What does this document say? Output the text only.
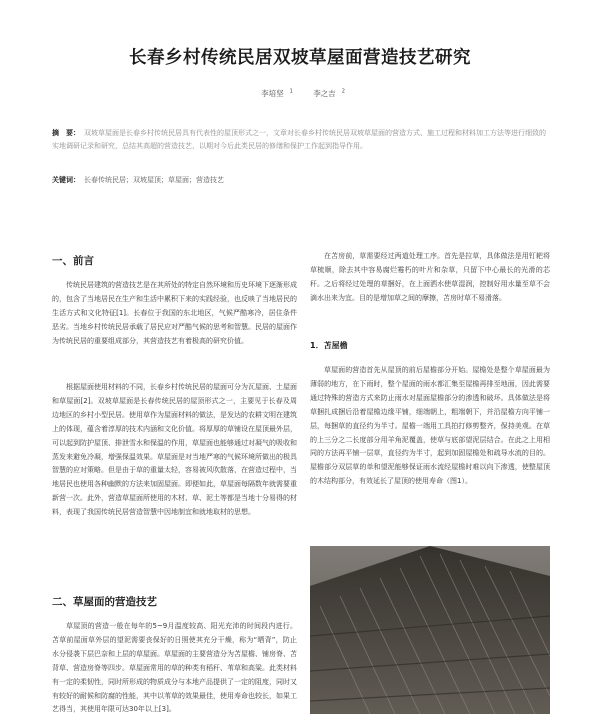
长春乡村传统民居双坡草屋面营造技艺研究
李培坚 $^1$	李之吉 $^2$
摘　要： 双坡草屋面是长春乡村传统民居具有代表性的屋顶形式之一，文章对长春乡村传统民居双坡草屋面的营造方式、施工过程和材料加工方法等进行细致的实地调研记录和研究，总结其高超的营造技艺，以期对今后此类民居的修缮和保护工作起到指导作用。
关键词： 长春传统民居；双坡屋顶；草屋面；营造技艺
一、前言
传统民居建筑的营造技艺是在其所处的特定自然环境和历史环境下逐渐形成的，包含了当地居民在生产和生活中累积下来的实践经验，也反映了当地居民的生活方式和文化特征[1]。长春位于我国的东北地区，气候严酷寒冷，居住条件恶劣。当地乡村传统民居承载了居民应对严酷气候的思考和智慧。民居的屋面作为传统民居的重要组成部分，其营造技艺有着极高的研究价值。
根据屋面使用材料的不同，长春乡村传统民居的屋面可分为瓦屋面、土屋面和草屋面[2]。双坡草屋面是长春传统民居的屋顶形式之一，主要见于长春及周边地区的乡村小型民居。使用草作为屋面材料的做法，是发达的农耕文明在建筑上的体现，蕴含着淳厚的技术内涵和文化价值。将厚厚的草铺设在屋顶最外层，可以起到防护屋顶、排泄雪水和保温的作用，草屋面也能够通过对凝气的吸收和蒸发来避免冷凝，增强保温效果。草屋面是对当地严寒的气候环境所做出的极具智慧的应对策略。但是由于草的重量太轻，容易被风吹散落，在营造过程中，当地居民也使用各种幽默的方法来加固屋面。即便如此，草屋面每隔数年就需要重新营一次。此外，营造草屋面所使用的木材、草、泥土等都是当地十分易得的材料，表现了我国传统民居营造智慧中因地制宜和就地取材的思想。
二、草屋面的营造技艺
草屋顶的营造一般在每年的5~9月温度较高、阳光充沛的时间段内进行。苫草前屋面草外层的望泥需要丧保好的日照使其充分干燥，称为“晒背”，防止水分侵袭下层巴奈和上层的草屋面。草屋面的主要营造分为苫屋檐、铺房脊、苫背草、营造房脊等四步。草屋面常用的草的种类有稻秆、苇草和高粱。此类材料有一定的柔韧性，同时所形成的物质成分与本地产品提供了一定的阻度，同时又有较好的耐候和防腐的性能，其中以苇草的效果最佳，使用寿命也较长，如果工艺得当，其使用年限可达30年以上[3]。
在苫房前，草需要经过两道处理工序。首先是拉草，具体做法是用钉耙将草梳顺，除去其中容易腐烂霉朽的叶片和杂草，只留下中心最长的光滑的芯秆。之后将经过处理的草捆好，在上面洒水使草湿润，控制好用水量至草不会滴水出来为宜。目的是增加草之间的摩擦，苫房时草不易滑落。
1．苫屋檐
草屋面的营造首先从屋顶的前后屋檐部分开始。屋檐处是整个草屋面最为薄弱的地方，在下雨时，整个屋面的雨水都汇集至屋檐再排至地面，因此需要通过特殊的营造方式来防止雨水对屋面屋檐部分的渗透和破坏。具体做法是将草捆扎成捆后沿着屋檐边缘平铺，细端朝上，粗端朝下，并沿屋檐方向平铺一层，每捆草的直径约为半寸。屋檐一端用工具拍打修剪整齐，保持美观。在草的上三分之二长度部分用羊角泥覆盖，使草与底部望泥层结合。在此之上用相同的方法再平铺一层草，直径约为半寸，起到加固屋檐处和疏导水流的目的。屋檐部分双层草的单和望泥能够保证雨水流经屋檐时难以向下渗透，使整屋顶的木结构部分，有效延长了屋顶的使用寿命（图1）。
